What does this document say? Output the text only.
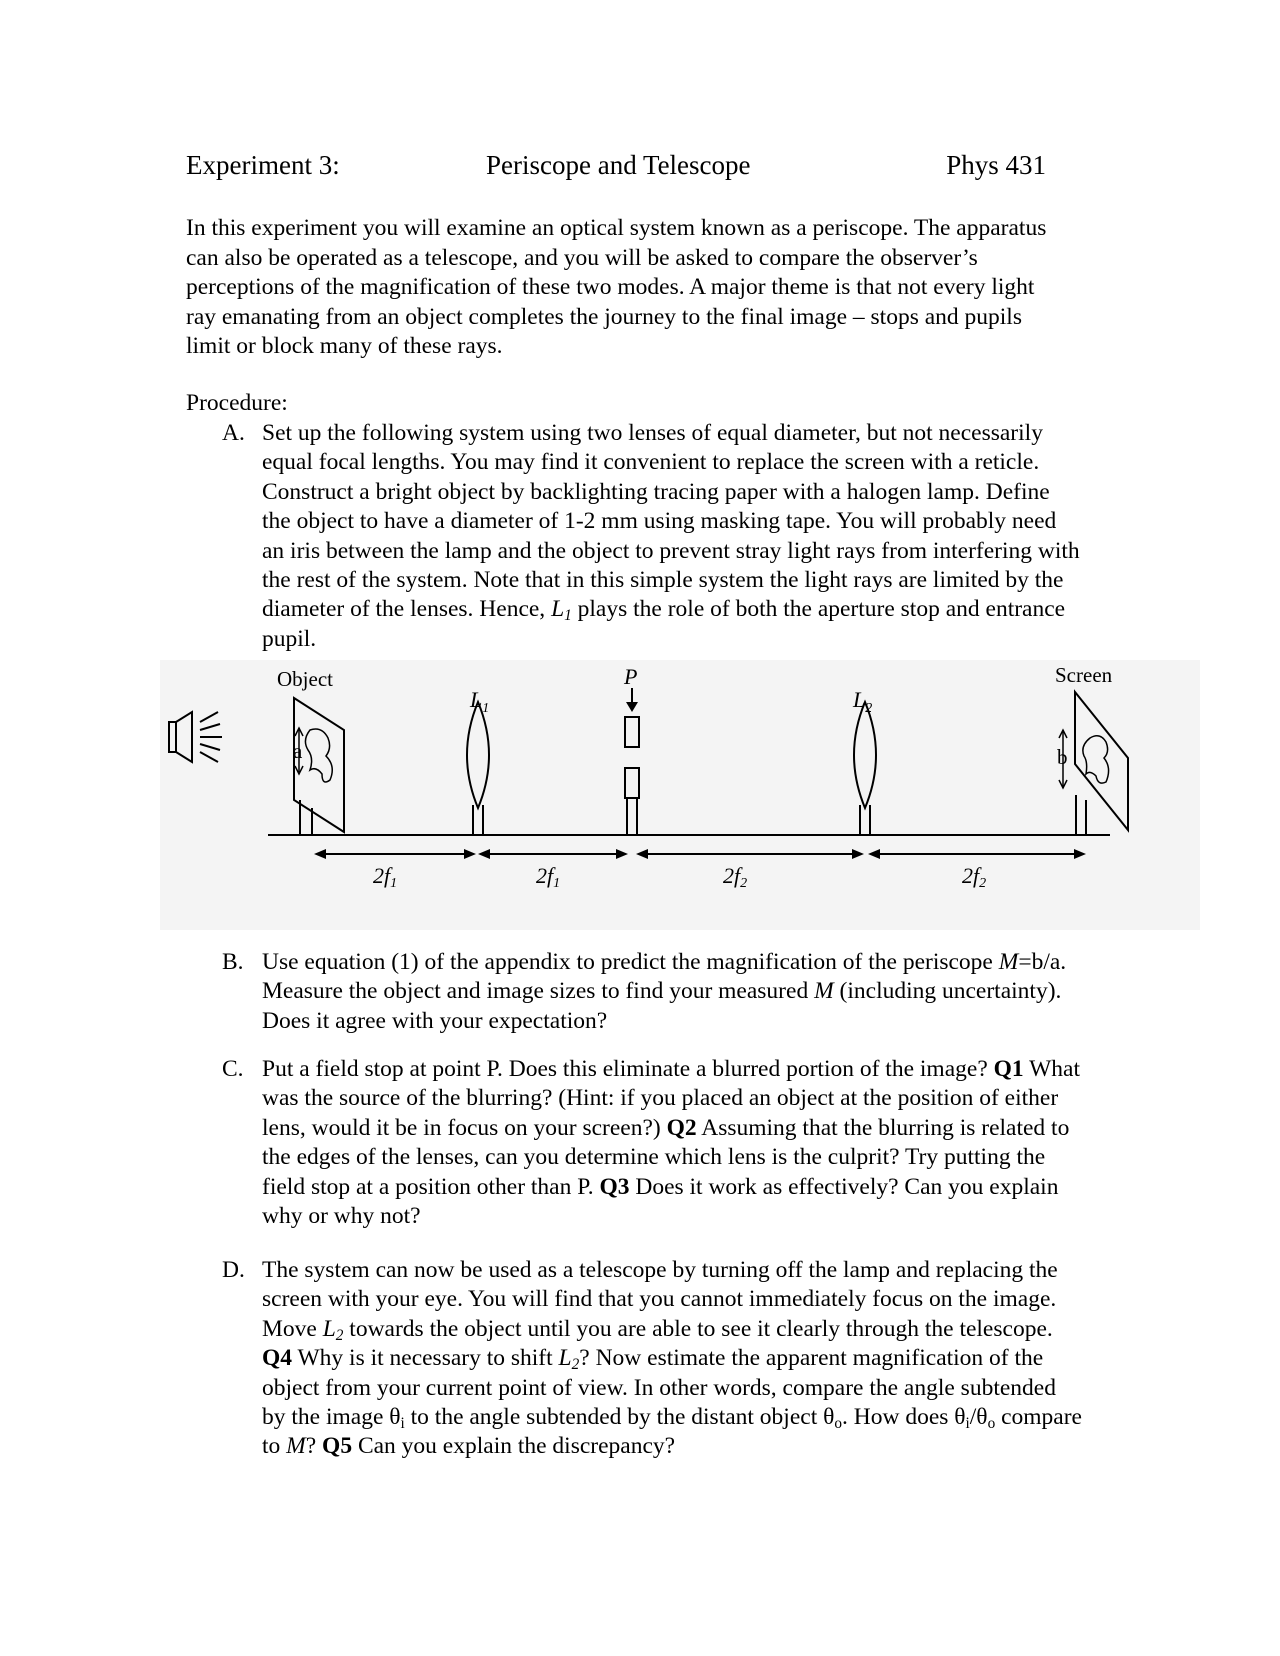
Experiment 3:	Periscope and Telescope	Phys 431

In this experiment you will examine an optical system known as a periscope. The apparatus can also be operated as a telescope, and you will be asked to compare the observer’s perceptions of the magnification of these two modes. A major theme is that not every light ray emanating from an object completes the journey to the final image – stops and pupils limit or block many of these rays.

Procedure:
A. Set up the following system using two lenses of equal diameter, but not necessarily equal focal lengths. You may find it convenient to replace the screen with a reticle. Construct a bright object by backlighting tracing paper with a halogen lamp. Define the object to have a diameter of 1-2 mm using masking tape. You will probably need an iris between the lamp and the object to prevent stray light rays from interfering with the rest of the system. Note that in this simple system the light rays are limited by the diameter of the lenses. Hence, $L_1$ plays the role of both the aperture stop and entrance pupil.
Object
a
$L_1$
P
$L_2$
Screen
b
2f1	2f1	2f2	2f2
B. Use equation (1) of the appendix to predict the magnification of the periscope M=b/a. Measure the object and image sizes to find your measured M (including uncertainty). Does it agree with your expectation?
C. Put a field stop at point P. Does this eliminate a blurred portion of the image? Q1 What was the source of the blurring? (Hint: if you placed an object at the position of either lens, would it be in focus on your screen?) Q2 Assuming that the blurring is related to the edges of the lenses, can you determine which lens is the culprit? Try putting the field stop at a position other than P. Q3 Does it work as effectively? Can you explain why or why not?
D. The system can now be used as a telescope by turning off the lamp and replacing the screen with your eye. You will find that you cannot immediately focus on the image. Move $L_2$ towards the object until you are able to see it clearly through the telescope. Q4 Why is it necessary to shift $L_2$? Now estimate the apparent magnification of the object from your current point of view. In other words, compare the angle subtended by the image $\theta_i$ to the angle subtended by the distant object $\theta_o$. How does $\theta_i/\theta_o$ compare to M? Q5 Can you explain the discrepancy?
